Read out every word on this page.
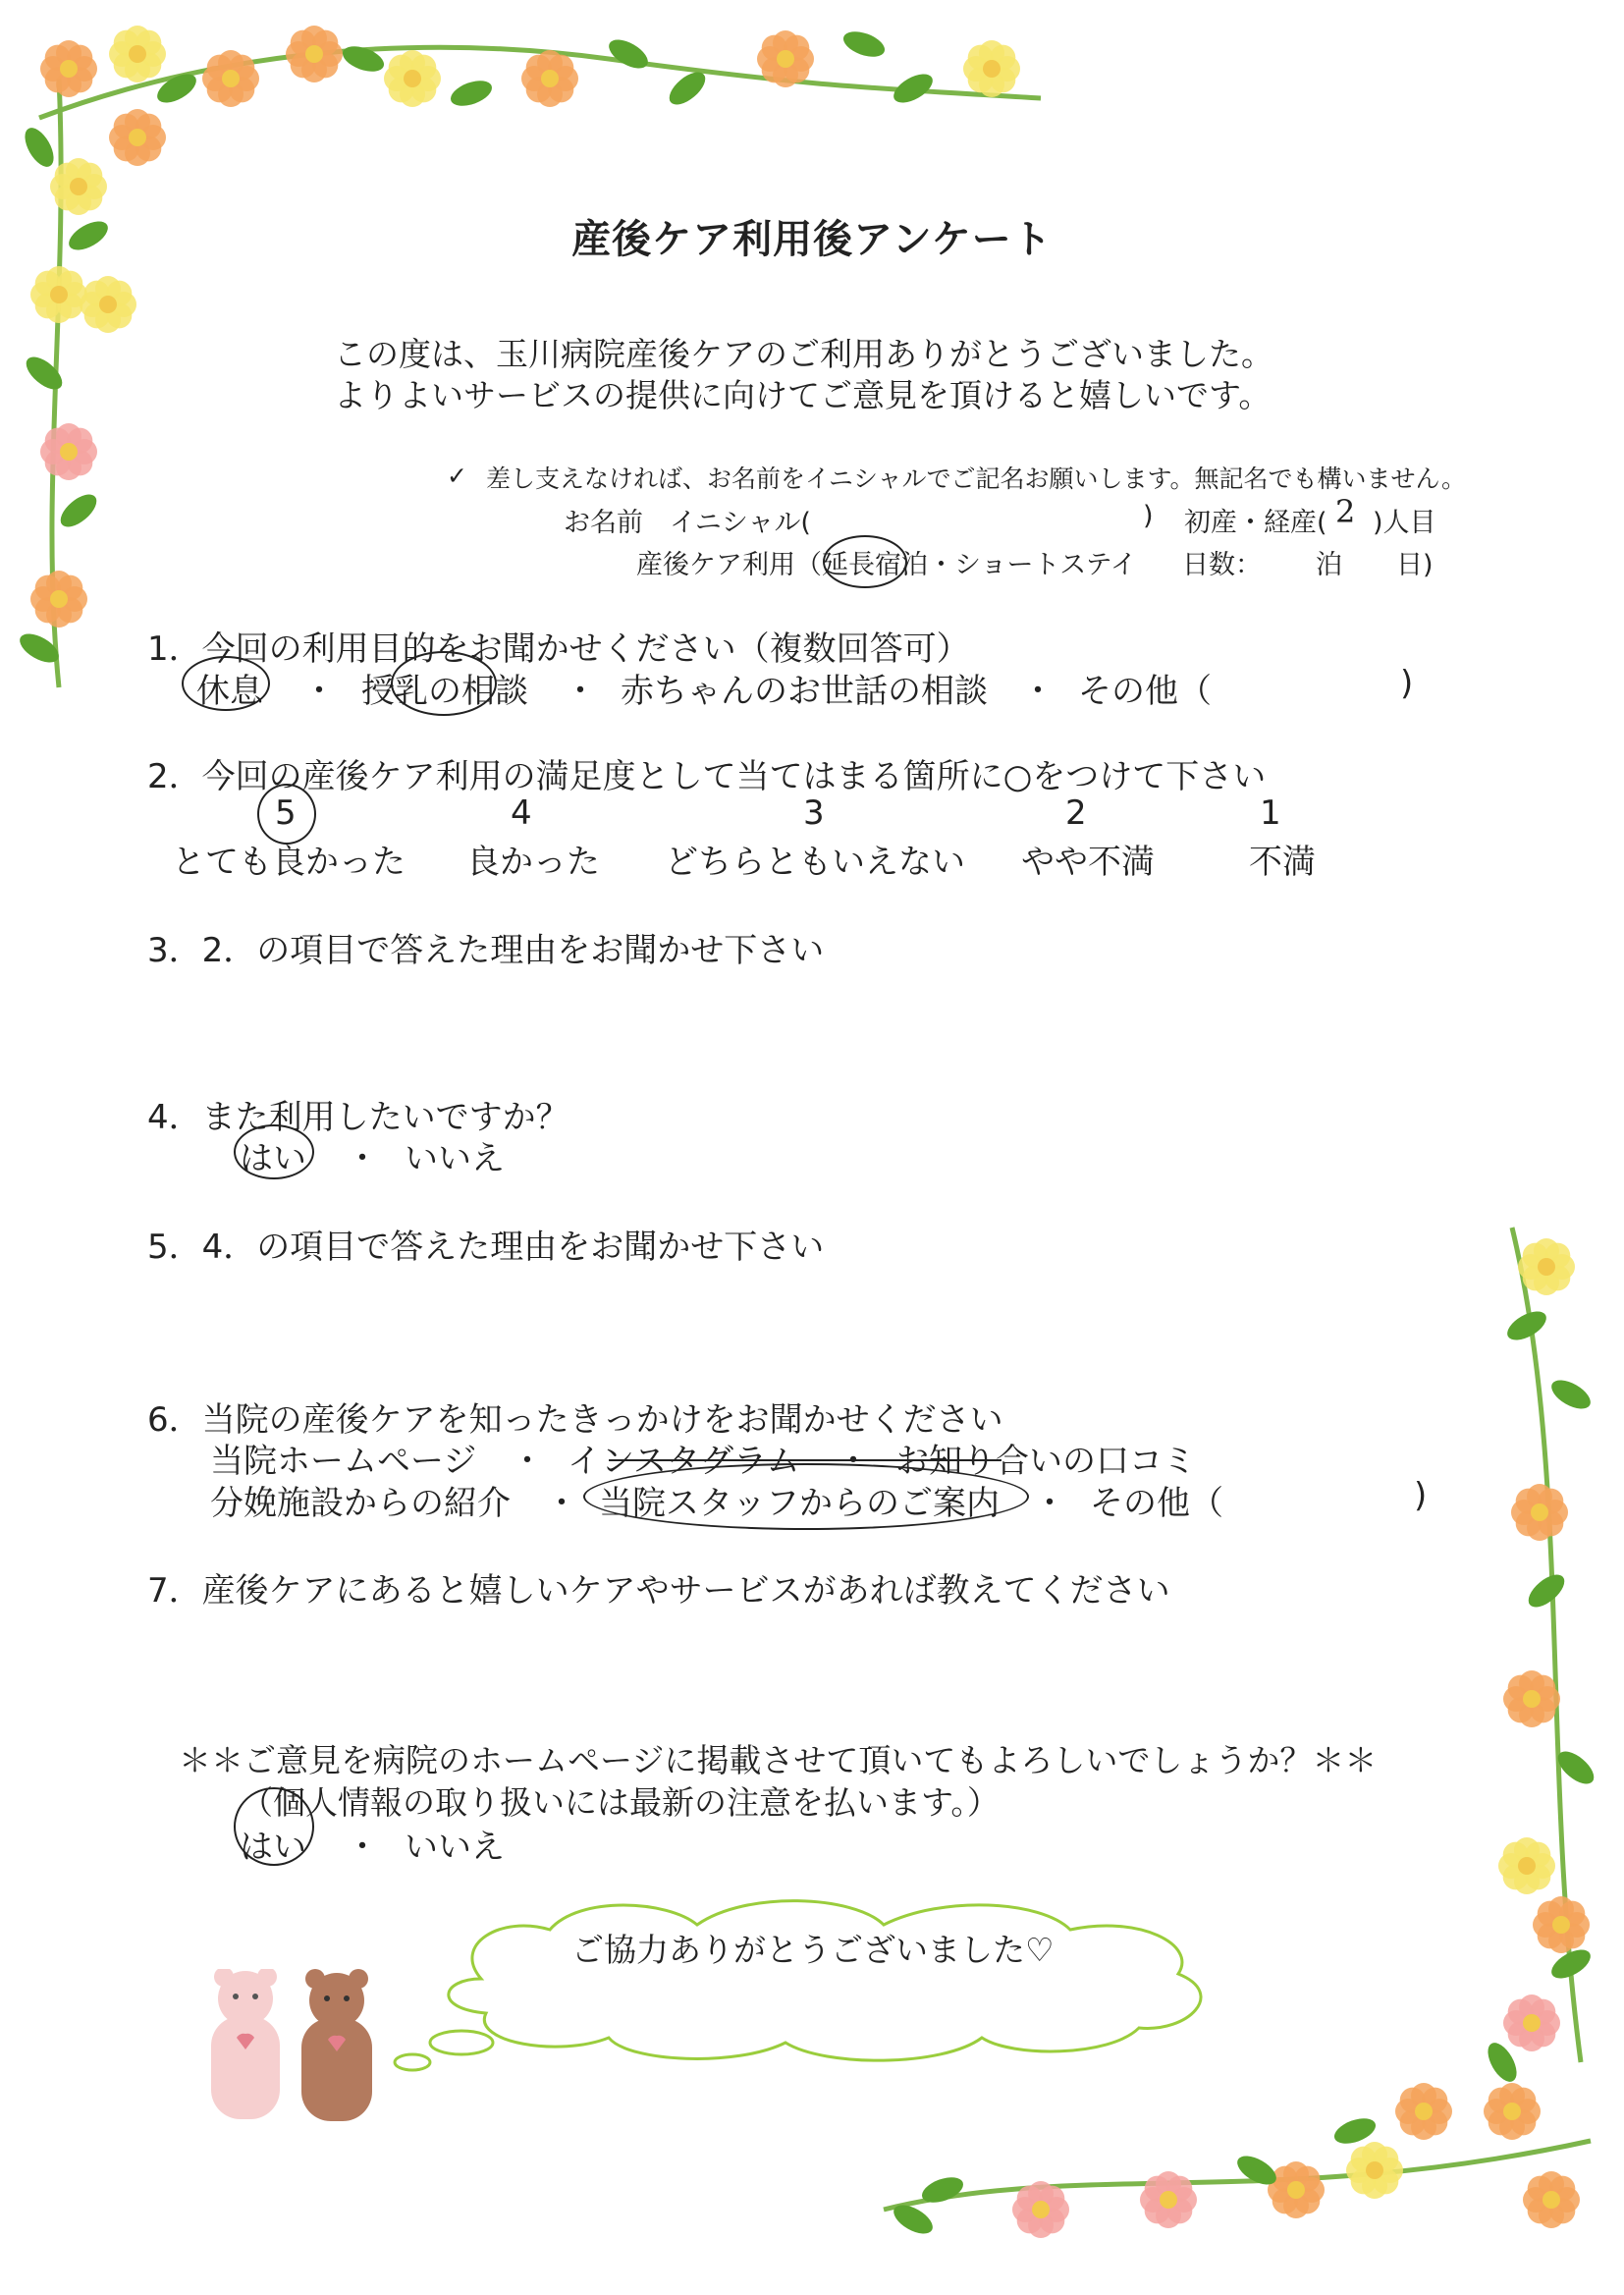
産後ケア利用後アンケート
この度は、玉川病院産後ケアのご利用ありがとうございました。
よりよいサービスの提供に向けてご意見を頂けると嬉しいです。
✓ 差し支えなければ、お名前をイニシャルでご記名お願いします。無記名でも構いません。
お名前　イニシャル(	) 初産・経産( 2 )人目
産後ケア利用（延長宿泊・ショートステイ 日数： 泊 日)
1．今回の利用目的をお聞かせください（複数回答可）
休息 ・ 授乳の相談 ・ 赤ちゃんのお世話の相談 ・ その他（	)
2．今回の産後ケア利用の満足度として当てはまる箇所に○をつけて下さい
5	4	3	2	1
とても良かった 良かった どちらともいえない やや不満	不満
3．2．の項目で答えた理由をお聞かせ下さい
4．また利用したいですか？
はい ・ いいえ
5．4．の項目で答えた理由をお聞かせ下さい
6．当院の産後ケアを知ったきっかけをお聞かせください
当院ホームページ ・ インスタグラム ・ お知り合いの口コミ
分娩施設からの紹介 ・ 当院スタッフからのご案内 ・ その他（	)
7．産後ケアにあると嬉しいケアやサービスがあれば教えてください
＊＊ご意見を病院のホームページに掲載させて頂いてもよろしいでしょうか？＊＊
（個人情報の取り扱いには最新の注意を払います。）
はい ・ いいえ
ご協力ありがとうございました♡
